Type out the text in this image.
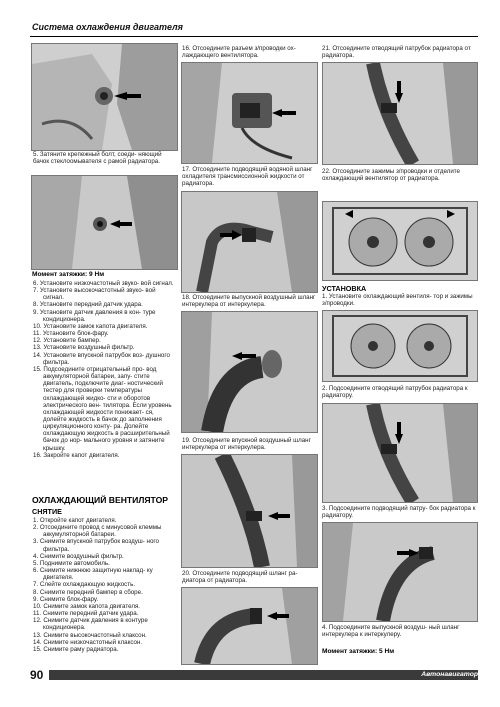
Система охлаждения двигателя
5. Затяните крепежный болт, соеди- няющий бачок стеклоомывателя с рамой радиатора.
Момент затяжки: 9 Нм
6. Установите низкочастотный звуко- вой сигнал.
7. Установите высокочастотный звуко- вой сигнал.
8. Установите передний датчик удара.
9. Установите датчик давления в кон- туре кондиционера.
10. Установите замок капота двигателя.
11. Установите блок-фару.
12. Установите бампер.
13. Установите воздушный фильтр.
14. Установите впускной патрубок воз- душного фильтра.
15. Подсоедините отрицательный про- вод аккумуляторной батареи, запу- стите двигатель, подключите диаг- ностический тестер для проверки температуры охлаждающей жидко- сти и оборотов электрического вен- тилятора. Если уровень охлаждающей жидкости понижает- ся, долейте жидкость в бачок до заполнения циркуляционного конту- ра. Долейте охлаждающую жидкость в расширительный бачок до нор- мального уровня и затяните крышку.
16. Закройте капот двигателя.
ОХЛАЖДАЮЩИЙ ВЕНТИЛЯТОР
СНЯТИЕ
1. Откройте капот двигателя.
2. Отсоедините провод с минусовой клеммы аккумуляторной батареи.
3. Снимите впускной патрубок воздуш- ного фильтра.
4. Снимите воздушный фильтр.
5. Поднимите автомобиль.
6. Снимите нижнюю защитную наклад- ку двигателя.
7. Слейте охлаждающую жидкость.
8. Снимите передний бампер в сборе.
9. Снимите блок-фару.
10. Снимите замок капота двигателя.
11. Снимите передний датчик удара.
12. Снимите датчик давления в контуре кондиционера.
13. Снимите высокочастотный клаксон.
14. Снимите низкочастотный клаксон.
15. Снимите раму радиатора.
16. Отсоедините разъем з/проводки ох- лаждающего вентилятора.
17. Отсоедините подводящий водяной шланг охладителя трансмиссионной жидкости от радиатора.
18. Отсоедините выпускной воздушный шланг интеркулера от интеркулера.
19. Отсоедините впускной воздушный шланг интеркулера от интеркулера.
20. Отсоедините подводящий шланг ра- диатора от радиатора.
21. Отсоедините отводящий патрубок радиатора от радиатора.
22. Отсоедините зажимы з/проводки и отделите охлаждающий вентилятор от радиатора.
УСТАНОВКА
1. Установите охлаждающий вентиля- тор и зажимы з/проводки.
2. Подсоедините отводящий патрубок радиатора к радиатору.
3. Подсоедините подводящий патру- бок радиатора к радиатору.
4. Подсоедините выпускной воздуш- ный шланг интеркулера к интеркулеру.
Момент затяжки: 5 Нм
90	Автонавигатор
